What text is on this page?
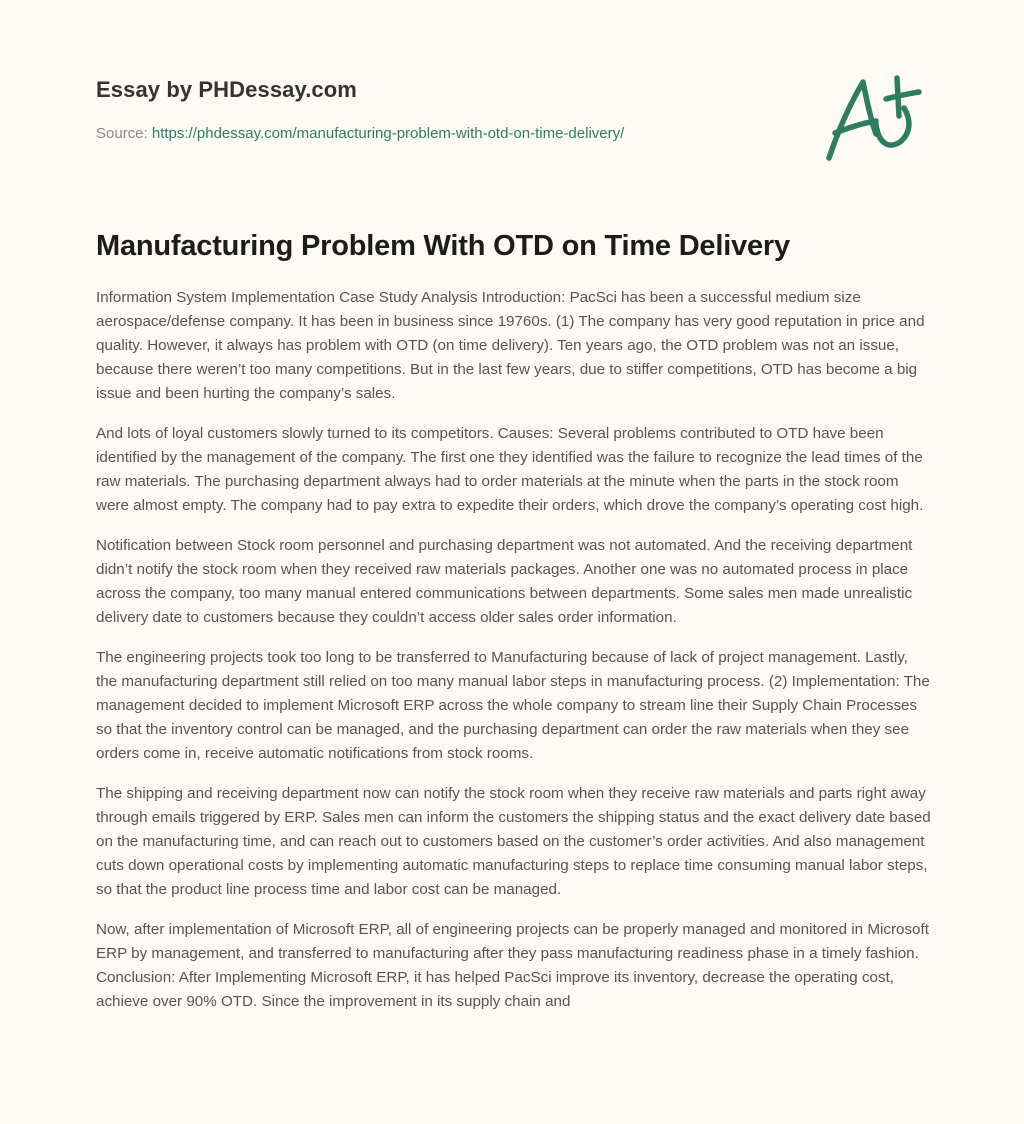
Essay by PHDessay.com
Source: https://phdessay.com/manufacturing-problem-with-otd-on-time-delivery/
Manufacturing Problem With OTD on Time Delivery

Information System Implementation Case Study Analysis Introduction: PacSci has been a successful medium size aerospace/defense company. It has been in business since 19760s. (1) The company has very good reputation in price and quality. However, it always has problem with OTD (on time delivery). Ten years ago, the OTD problem was not an issue, because there weren’t too many competitions. But in the last few years, due to stiffer competitions, OTD has become a big issue and been hurting the company’s sales.

And lots of loyal customers slowly turned to its competitors. Causes: Several problems contributed to OTD have been identified by the management of the company. The first one they identified was the failure to recognize the lead times of the raw materials. The purchasing department always had to order materials at the minute when the parts in the stock room were almost empty. The company had to pay extra to expedite their orders, which drove the company’s operating cost high.

Notification between Stock room personnel and purchasing department was not automated. And the receiving department didn’t notify the stock room when they received raw materials packages. Another one was no automated process in place across the company, too many manual entered communications between departments. Some sales men made unrealistic delivery date to customers because they couldn’t access older sales order information.

The engineering projects took too long to be transferred to Manufacturing because of lack of project management. Lastly, the manufacturing department still relied on too many manual labor steps in manufacturing process. (2) Implementation: The management decided to implement Microsoft ERP across the whole company to stream line their Supply Chain Processes so that the inventory control can be managed, and the purchasing department can order the raw materials when they see orders come in, receive automatic notifications from stock rooms.

The shipping and receiving department now can notify the stock room when they receive raw materials and parts right away through emails triggered by ERP. Sales men can inform the customers the shipping status and the exact delivery date based on the manufacturing time, and can reach out to customers based on the customer’s order activities. And also management cuts down operational costs by implementing automatic manufacturing steps to replace time consuming manual labor steps, so that the product line process time and labor cost can be managed.

Now, after implementation of Microsoft ERP, all of engineering projects can be properly managed and monitored in Microsoft ERP by management, and transferred to manufacturing after they pass manufacturing readiness phase in a timely fashion. Conclusion: After Implementing Microsoft ERP, it has helped PacSci improve its inventory, decrease the operating cost, achieve over 90% OTD. Since the improvement in its supply chain and
